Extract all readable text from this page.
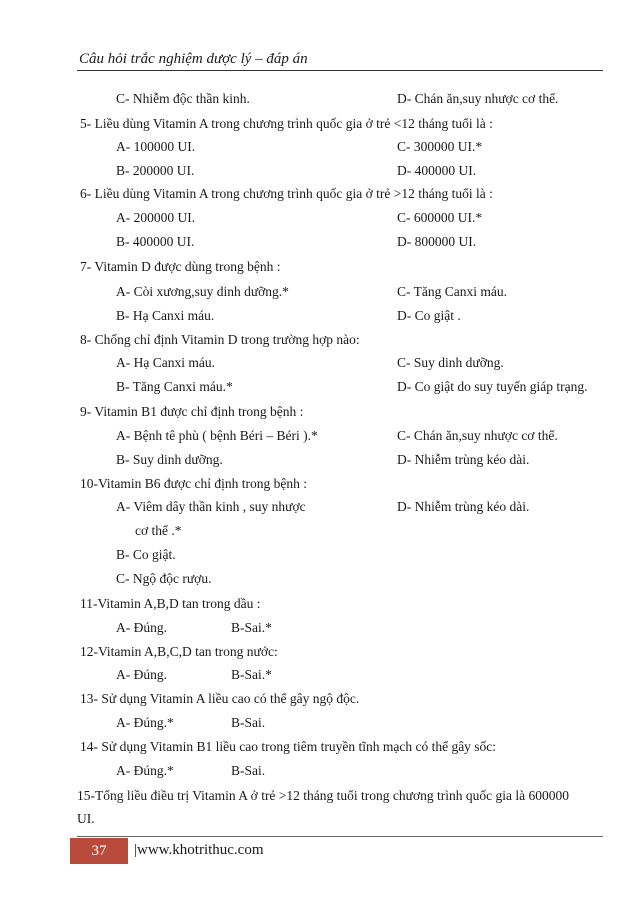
Câu hỏi trắc nghiệm dược lý – đáp án
C- Nhiễm độc thần kinh.	D- Chán ăn,suy nhược cơ thể.
5- Liều dùng Vitamin A trong chương trình quốc gia ở trẻ <12 tháng tuổi là :
A- 100000 UI.	C- 300000 UI.*
B- 200000 UI.	D- 400000 UI.
6- Liều dùng Vitamin A trong chương trình quốc gia ở trẻ >12 tháng tuổi là :
A- 200000 UI.	C- 600000 UI.*
B- 400000 UI.	D- 800000 UI.
7- Vitamin D được dùng trong bệnh :
A- Còi xương,suy dinh dưỡng.*	C- Tăng Canxi máu.
B- Hạ Canxi máu.	D- Co giật .
8- Chống chỉ định Vitamin D trong trường hợp nào:
A- Hạ Canxi máu.	C- Suy dinh dưỡng.
B- Tăng Canxi máu.*	D- Co giật do suy tuyến giáp trạng.
9- Vitamin B1 được chỉ định trong bệnh :
A- Bệnh tê phù ( bệnh Béri – Béri ).*	C- Chán ăn,suy nhược cơ thể.
B- Suy dinh dưỡng.	D- Nhiễm trùng kéo dài.
10-Vitamin B6 được chỉ định trong bệnh :
A- Viêm dây thần kinh , suy nhược	D- Nhiễm trùng kéo dài.
cơ thể .*
B- Co giật.
C- Ngộ độc rượu.
11-Vitamin A,B,D tan trong dầu :
A- Đúng.	B-Sai.*
12-Vitamin A,B,C,D tan trong nước:
A- Đúng.	B-Sai.*
13- Sử dụng Vitamin A liều cao có thể gây ngộ độc.
A- Đúng.*	B-Sai.
14- Sử dụng Vitamin B1 liều cao trong tiêm truyền tĩnh mạch có thể gây sốc:
A- Đúng.*	B-Sai.
15-Tổng liều điều trị Vitamin A ở trẻ >12 tháng tuổi trong chương trình quốc gia là 600000
UI.
37	|www.khotrithuc.com
